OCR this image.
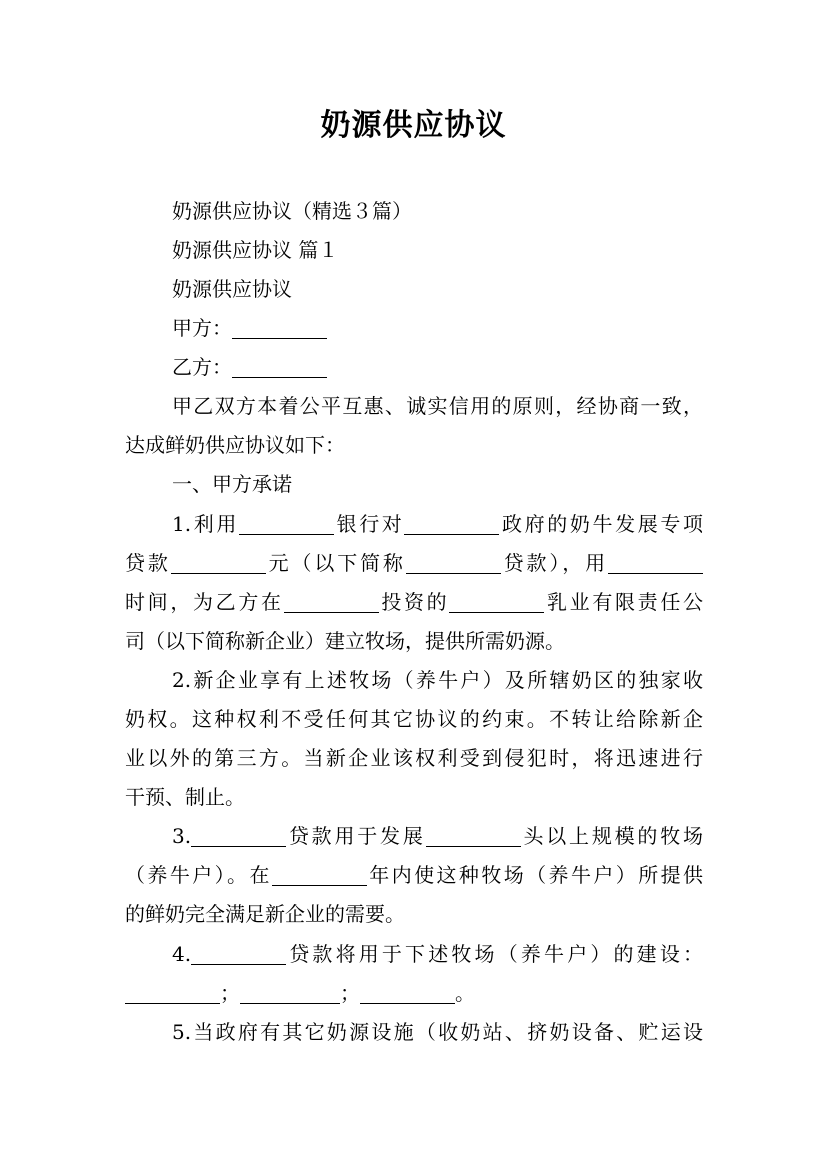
奶源供应协议
奶源供应协议（精选３篇）
奶源供应协议 篇１
奶源供应协议
甲方：
乙方：
甲乙双方本着公平互惠、诚实信用的原则，经协商一致，
达成鲜奶供应协议如下：
一、甲方承诺
1.利用	银行对	政府的奶牛发展专项
贷款	元（以下简称	贷款），用
时间，为乙方在	投资的	乳业有限责任公
司（以下简称新企业）建立牧场，提供所需奶源。
2.新企业享有上述牧场（养牛户）及所辖奶区的独家收
奶权。这种权利不受任何其它协议的约束。不转让给除新企
业以外的第三方。当新企业该权利受到侵犯时，将迅速进行
干预、制止。
3.	贷款用于发展	头以上规模的牧场
（养牛户）。在	年内使这种牧场（养牛户）所提供
的鲜奶完全满足新企业的需要。
4.	贷款将用于下述牧场（养牛户）的建设：
；	；	。
5.当政府有其它奶源设施（收奶站、挤奶设备、贮运设
